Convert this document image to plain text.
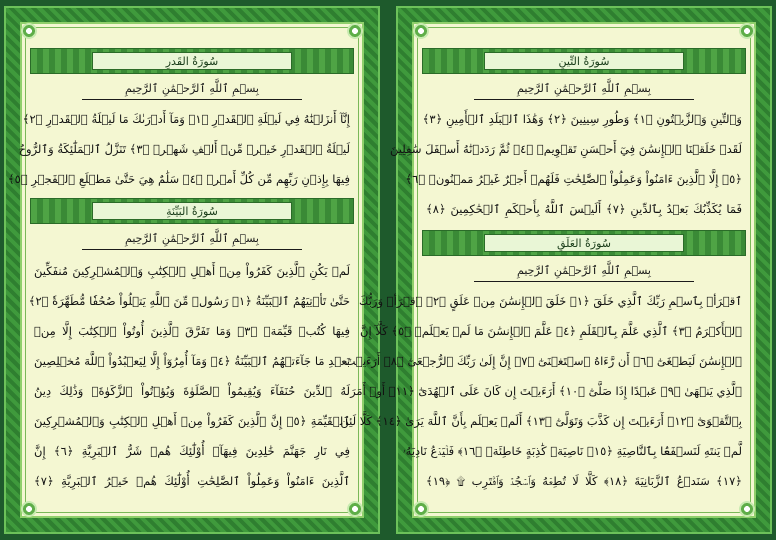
سُورَةُ القَدرِ
بِسۡمِ ٱللَّهِ ٱلرَّحۡمَٰنِ ٱلرَّحِيمِ
إِنَّآ أَنزَلۡنَٰهُ فِي لَيۡلَةِ ٱلۡقَدۡرِ ﴿١﴾ وَمَآ أَدۡرَىٰكَ مَا لَيۡلَةُ ٱلۡقَدۡرِ ﴿٢﴾
لَيۡلَةُ ٱلۡقَدۡرِ خَيۡرٞ مِّنۡ أَلۡفِ شَهۡرٖ ﴿٣﴾ تَنَزَّلُ ٱلۡمَلَٰٓئِكَةُ وَٱلرُّوحُ
فِيهَا بِإِذۡنِ رَبِّهِم مِّن كُلِّ أَمۡرٖ ﴿٤﴾ سَلَٰمٌ هِيَ حَتَّىٰ مَطۡلَعِ ٱلۡفَجۡرِ ﴿٥﴾
سُورَةُ البَيِّنَةِ
بِسۡمِ ٱللَّهِ ٱلرَّحۡمَٰنِ ٱلرَّحِيمِ
لَمۡ يَكُنِ ٱلَّذِينَ كَفَرُواْ مِنۡ أَهۡلِ ٱلۡكِتَٰبِ وَٱلۡمُشۡرِكِينَ مُنفَكِّينَ
حَتَّىٰ تَأۡتِيَهُمُ ٱلۡبَيِّنَةُ ﴿١﴾ رَسُولٞ مِّنَ ٱللَّهِ يَتۡلُواْ صُحُفٗا مُّطَهَّرَةٗ ﴿٢﴾
فِيهَا كُتُبٞ قَيِّمَةٞ ﴿٣﴾ وَمَا تَفَرَّقَ ٱلَّذِينَ أُوتُواْ ٱلۡكِتَٰبَ إِلَّا مِنۢ
بَعۡدِ مَا جَآءَتۡهُمُ ٱلۡبَيِّنَةُ ﴿٤﴾ وَمَآ أُمِرُوٓاْ إِلَّا لِيَعۡبُدُواْ ٱللَّهَ مُخۡلِصِينَ
لَهُ ٱلدِّينَ حُنَفَآءَ وَيُقِيمُواْ ٱلصَّلَوٰةَ وَيُؤۡتُواْ ٱلزَّكَوٰةَۚ وَذَٰلِكَ دِينُ
ٱلۡقَيِّمَةِ ﴿٥﴾ إِنَّ ٱلَّذِينَ كَفَرُواْ مِنۡ أَهۡلِ ٱلۡكِتَٰبِ وَٱلۡمُشۡرِكِينَ
فِي نَارِ جَهَنَّمَ خَٰلِدِينَ فِيهَآۚ أُوْلَٰٓئِكَ هُمۡ شَرُّ ٱلۡبَرِيَّةِ ﴿٦﴾ إِنَّ
ٱلَّذِينَ ءَامَنُواْ وَعَمِلُواْ ٱلصَّٰلِحَٰتِ أُوْلَٰٓئِكَ هُمۡ خَيۡرُ ٱلۡبَرِيَّةِ ﴿٧﴾
سُورَةُ التِّينِ
بِسۡمِ ٱللَّهِ ٱلرَّحۡمَٰنِ ٱلرَّحِيمِ
وَٱلتِّينِ وَٱلزَّيۡتُونِ ﴿١﴾ وَطُورِ سِينِينَ ﴿٢﴾ وَهَٰذَا ٱلۡبَلَدِ ٱلۡأَمِينِ ﴿٣﴾
لَقَدۡ خَلَقۡنَا ٱلۡإِنسَٰنَ فِيٓ أَحۡسَنِ تَقۡوِيمٖ ﴿٤﴾ ثُمَّ رَدَدۡنَٰهُ أَسۡفَلَ سَٰفِلِينَ
﴿٥﴾ إِلَّا ٱلَّذِينَ ءَامَنُواْ وَعَمِلُواْ ٱلصَّٰلِحَٰتِ فَلَهُمۡ أَجۡرٌ غَيۡرُ مَمۡنُونٖ ﴿٦﴾
فَمَا يُكَذِّبُكَ بَعۡدُ بِٱلدِّينِ ﴿٧﴾ أَلَيۡسَ ٱللَّهُ بِأَحۡكَمِ ٱلۡحَٰكِمِينَ ﴿٨﴾
سُورَةُ العَلَقِ
بِسۡمِ ٱللَّهِ ٱلرَّحۡمَٰنِ ٱلرَّحِيمِ
ٱقۡرَأۡ بِٱسۡمِ رَبِّكَ ٱلَّذِي خَلَقَ ﴿١﴾ خَلَقَ ٱلۡإِنسَٰنَ مِنۡ عَلَقٍ ﴿٢﴾ ٱقۡرَأۡ وَرَبُّكَ
ٱلۡأَكۡرَمُ ﴿٣﴾ ٱلَّذِي عَلَّمَ بِٱلۡقَلَمِ ﴿٤﴾ عَلَّمَ ٱلۡإِنسَٰنَ مَا لَمۡ يَعۡلَمۡ ﴿٥﴾ كَلَّآ إِنَّ
ٱلۡإِنسَٰنَ لَيَطۡغَىٰٓ ﴿٦﴾ أَن رَّءَاهُ ٱسۡتَغۡنَىٰٓ ﴿٧﴾ إِنَّ إِلَىٰ رَبِّكَ ٱلرُّجۡعَىٰٓ ﴿٨﴾ أَرَءَيۡتَ
ٱلَّذِي يَنۡهَىٰ ﴿٩﴾ عَبۡدًا إِذَا صَلَّىٰٓ ﴿١٠﴾ أَرَءَيۡتَ إِن كَانَ عَلَى ٱلۡهُدَىٰٓ ﴿١١﴾ أَوۡ أَمَرَ
بِٱلتَّقۡوَىٰٓ ﴿١٢﴾ أَرَءَيۡتَ إِن كَذَّبَ وَتَوَلَّىٰٓ ﴿١٣﴾ أَلَمۡ يَعۡلَم بِأَنَّ ٱللَّهَ يَرَىٰ ﴿١٤﴾ كَلَّا لَئِن
لَّمۡ يَنتَهِ لَنَسۡفَعَۢا بِٱلنَّاصِيَةِ ﴿١٥﴾ نَاصِيَةٖ كَٰذِبَةٍ خَاطِئَةٖ ﴿١٦﴾ فَلۡيَدۡعُ نَادِيَهُۥ
﴿١٧﴾ سَنَدۡعُ ٱلزَّبَانِيَةَ ﴿١٨﴾ كَلَّا لَا تُطِعۡهُ وَٱسۡجُدۡۤ وَٱقۡتَرِب ۩ ﴿١٩﴾
